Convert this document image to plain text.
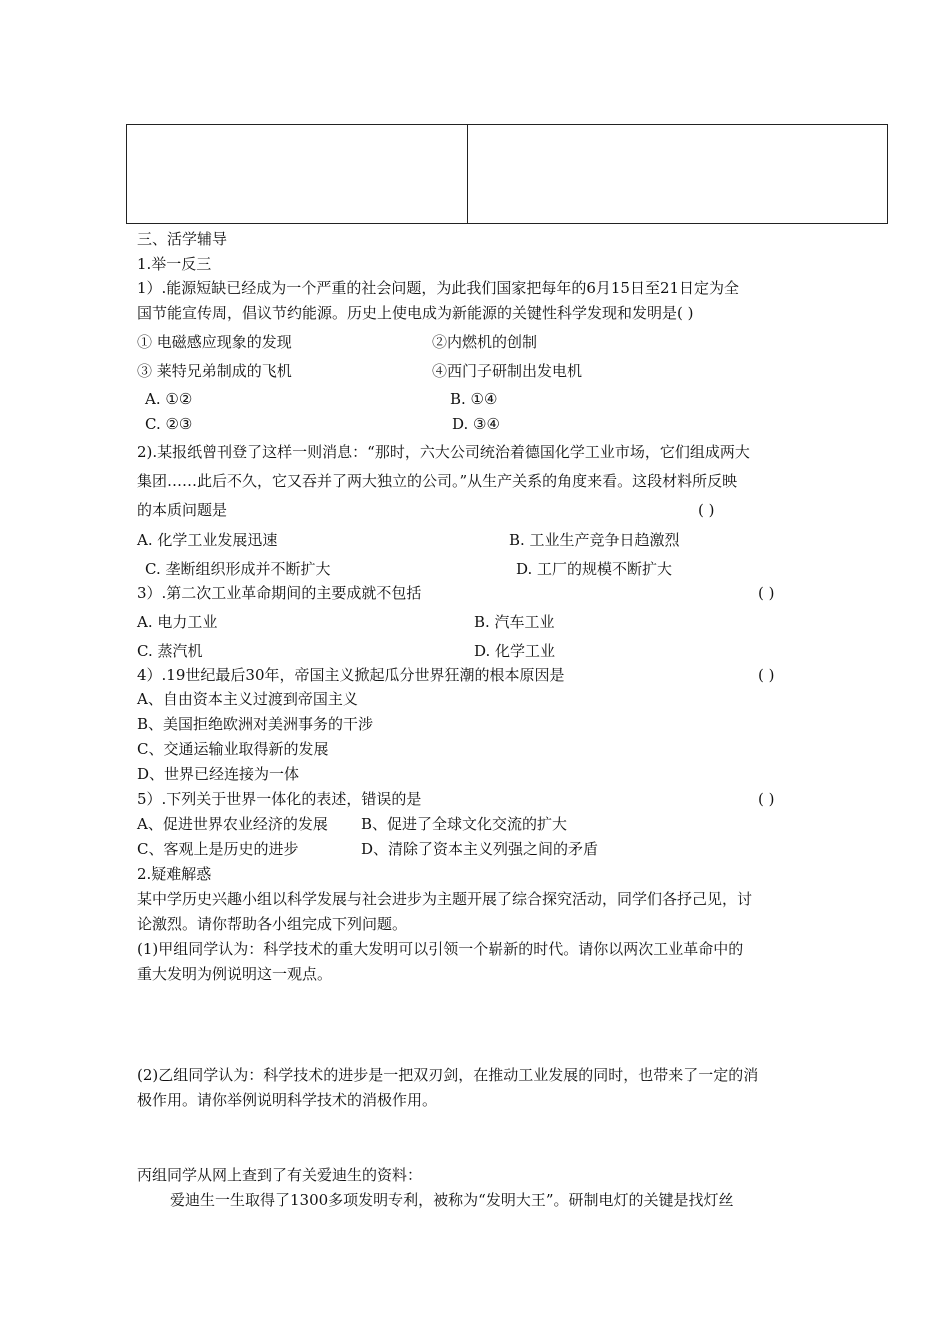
三、活学辅导
1.举一反三
1）.能源短缺已经成为一个严重的社会问题，为此我们国家把每年的6月15日至21日定为全
国节能宣传周，倡议节约能源。历史上使电成为新能源的关键性科学发现和发明是( )
① 电磁感应现象的发现	②内燃机的创制
③ 莱特兄弟制成的飞机	④西门子研制出发电机
A. ①②	B. ①④
C. ②③	D. ③④
2).某报纸曾刊登了这样一则消息：“那时，六大公司统治着德国化学工业市场，它们组成两大
集团……此后不久，它又吞并了两大独立的公司。”从生产关系的角度来看。这段材料所反映
的本质问题是	( )
A. 化学工业发展迅速	B. 工业生产竞争日趋激烈
C. 垄断组织形成并不断扩大	D. 工厂的规模不断扩大
3）.第二次工业革命期间的主要成就不包括	( )
A. 电力工业	B. 汽车工业
C. 蒸汽机	D. 化学工业
4）.19世纪最后30年，帝国主义掀起瓜分世界狂潮的根本原因是	( )
A、自由资本主义过渡到帝国主义
B、美国拒绝欧洲对美洲事务的干涉
C、交通运输业取得新的发展
D、世界已经连接为一体
5）.下列关于世界一体化的表述，错误的是	( )
A、促进世界农业经济的发展 B、促进了全球文化交流的扩大
C、客观上是历史的进步	D、清除了资本主义列强之间的矛盾
2.疑难解惑
某中学历史兴趣小组以科学发展与社会进步为主题开展了综合探究活动，同学们各抒己见，讨
论激烈。请你帮助各小组完成下列问题。
(1)甲组同学认为：科学技术的重大发明可以引领一个崭新的时代。请你以两次工业革命中的
重大发明为例说明这一观点。
(2)乙组同学认为：科学技术的进步是一把双刃剑，在推动工业发展的同时，也带来了一定的消
极作用。请你举例说明科学技术的消极作用。
丙组同学从网上查到了有关爱迪生的资料：
爱迪生一生取得了1300多项发明专利，被称为“发明大王”。研制电灯的关键是找灯丝
